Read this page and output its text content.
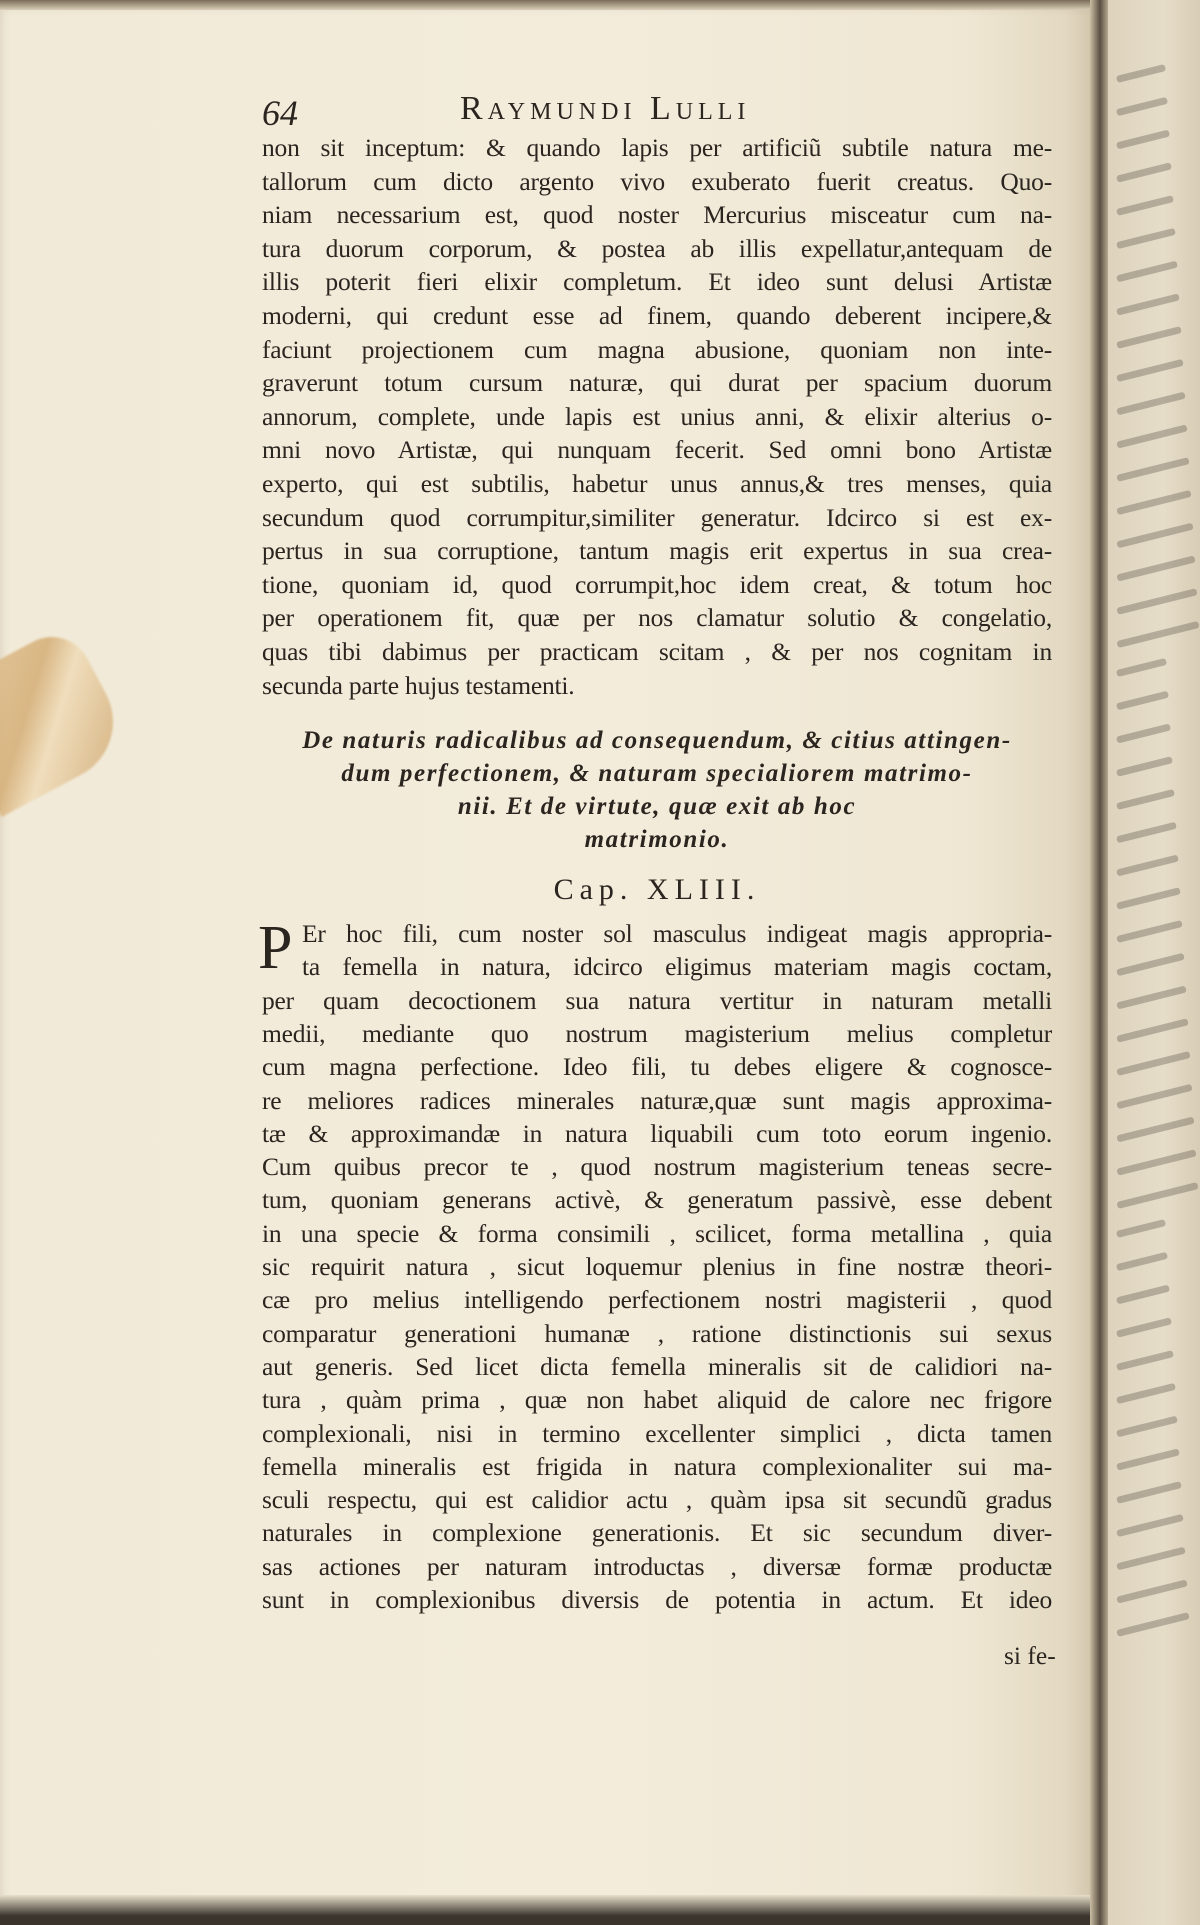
64	Raymundi Lulli
non sit inceptum: & quando lapis per artificiũ subtile natura me-
tallorum cum dicto argento vivo exuberato fuerit creatus. Quo-
niam necessarium est, quod noster Mercurius misceatur cum na-
tura duorum corporum, & postea ab illis expellatur,antequam de
illis poterit fieri elixir completum. Et ideo sunt delusi Artistæ
moderni, qui credunt esse ad finem, quando deberent incipere,&
faciunt projectionem cum magna abusione, quoniam non inte-
graverunt totum cursum naturæ, qui durat per spacium duorum
annorum, complete, unde lapis est unius anni, & elixir alterius o-
mni novo Artistæ, qui nunquam fecerit. Sed omni bono Artistæ
experto, qui est subtilis, habetur unus annus,& tres menses, quia
secundum quod corrumpitur,similiter generatur. Idcirco si est ex-
pertus in sua corruptione, tantum magis erit expertus in sua crea-
tione, quoniam id, quod corrumpit,hoc idem creat, & totum hoc
per operationem fit, quæ per nos clamatur solutio & congelatio,
quas tibi dabimus per practicam scitam , & per nos cognitam in
secunda parte hujus testamenti.
De naturis radicalibus ad consequendum, & citius attingen-
dum perfectionem, & naturam specialiorem matrimo-
nii. Et de virtute, quæ exit ab hoc
matrimonio.
Cap. XLIII.
P Er hoc fili, cum noster sol masculus indigeat magis appropria-
ta femella in natura, idcirco eligimus materiam magis coctam,
per quam decoctionem sua natura vertitur in naturam metalli
medii, mediante quo nostrum magisterium melius completur
cum magna perfectione. Ideo fili, tu debes eligere & cognosce-
re meliores radices minerales naturæ,quæ sunt magis approxima-
tæ & approximandæ in natura liquabili cum toto eorum ingenio.
Cum quibus precor te , quod nostrum magisterium teneas secre-
tum, quoniam generans activè, & generatum passivè, esse debent
in una specie & forma consimili , scilicet, forma metallina , quia
sic requirit natura , sicut loquemur plenius in fine nostræ theori-
cæ pro melius intelligendo perfectionem nostri magisterii , quod
comparatur generationi humanæ , ratione distinctionis sui sexus
aut generis. Sed licet dicta femella mineralis sit de calidiori na-
tura , quàm prima , quæ non habet aliquid de calore nec frigore
complexionali, nisi in termino excellenter simplici , dicta tamen
femella mineralis est frigida in natura complexionaliter sui ma-
sculi respectu, qui est calidior actu , quàm ipsa sit secundũ gradus
naturales in complexione generationis. Et sic secundum diver-
sas actiones per naturam introductas , diversæ formæ productæ
sunt in complexionibus diversis de potentia in actum. Et ideo
si fe-
